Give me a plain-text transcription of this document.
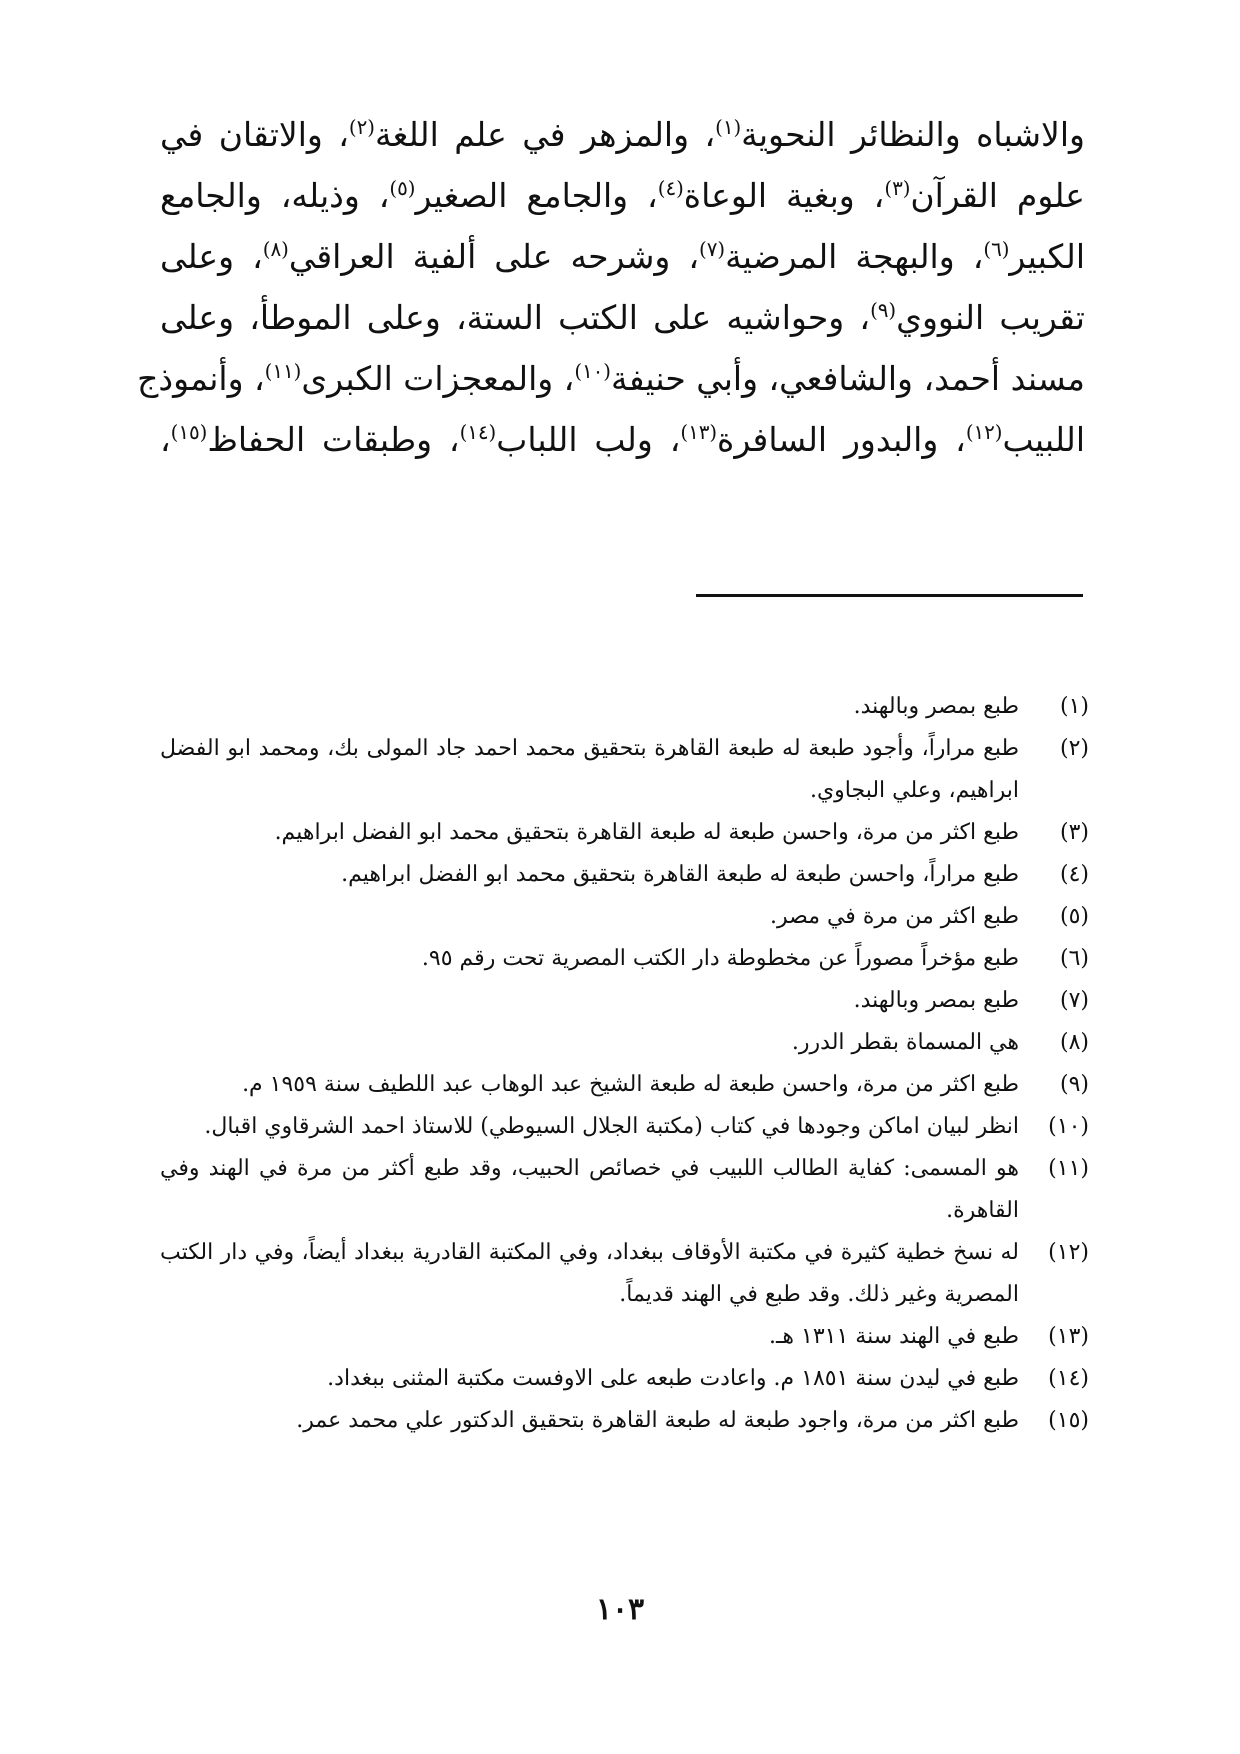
والاشباه والنظائر النحوية$^{(١)}$، والمزهر في علم اللغة$^{(٢)}$، والاتقان في
علوم القرآن$^{(٣)}$، وبغية الوعاة$^{(٤)}$، والجامع الصغير$^{(٥)}$، وذيله، والجامع
الكبير$^{(٦)}$، والبهجة المرضية$^{(٧)}$، وشرحه على ألفية العراقي$^{(٨)}$، وعلى
تقريب النووي$^{(٩)}$، وحواشيه على الكتب الستة، وعلى الموطأ، وعلى
مسند أحمد، والشافعي، وأبي حنيفة$^{(١٠)}$، والمعجزات الكبرى$^{(١١)}$، وأنموذج
اللبيب$^{(١٢)}$، والبدور السافرة$^{(١٣)}$، ولب اللباب$^{(١٤)}$، وطبقات الحفاظ$^{(١٥)}$،
(١)
طبع بمصر وبالهند.
(٢)
طبع مراراً، وأجود طبعة له طبعة القاهرة بتحقيق محمد احمد جاد المولى بك، ومحمد ابو الفضل ابراهيم، وعلي البجاوي.
(٣)
طبع اكثر من مرة، واحسن طبعة له طبعة القاهرة بتحقيق محمد ابو الفضل ابراهيم.
(٤)
طبع مراراً، واحسن طبعة له طبعة القاهرة بتحقيق محمد ابو الفضل ابراهيم.
(٥)
طبع اكثر من مرة في مصر.
(٦)
طبع مؤخراً مصوراً عن مخطوطة دار الكتب المصرية تحت رقم ٩٥.
(٧)
طبع بمصر وبالهند.
(٨)
هي المسماة بقطر الدرر.
(٩)
طبع اكثر من مرة، واحسن طبعة له طبعة الشيخ عبد الوهاب عبد اللطيف سنة ١٩٥٩ م.
(١٠)
انظر لبيان اماكن وجودها في كتاب (مكتبة الجلال السيوطي) للاستاذ احمد الشرقاوي اقبال.
(١١)
هو المسمى: كفاية الطالب اللبيب في خصائص الحبيب، وقد طبع أكثر من مرة في الهند وفي القاهرة.
(١٢)
له نسخ خطية كثيرة في مكتبة الأوقاف ببغداد، وفي المكتبة القادرية ببغداد أيضاً، وفي دار الكتب المصرية وغير ذلك. وقد طبع في الهند قديماً.
(١٣)
طبع في الهند سنة ١٣١١ هـ.
(١٤)
طبع في ليدن سنة ١٨٥١ م. واعادت طبعه على الاوفست مكتبة المثنى ببغداد.
(١٥)
طبع اكثر من مرة، واجود طبعة له طبعة القاهرة بتحقيق الدكتور علي محمد عمر.
١٠٣
